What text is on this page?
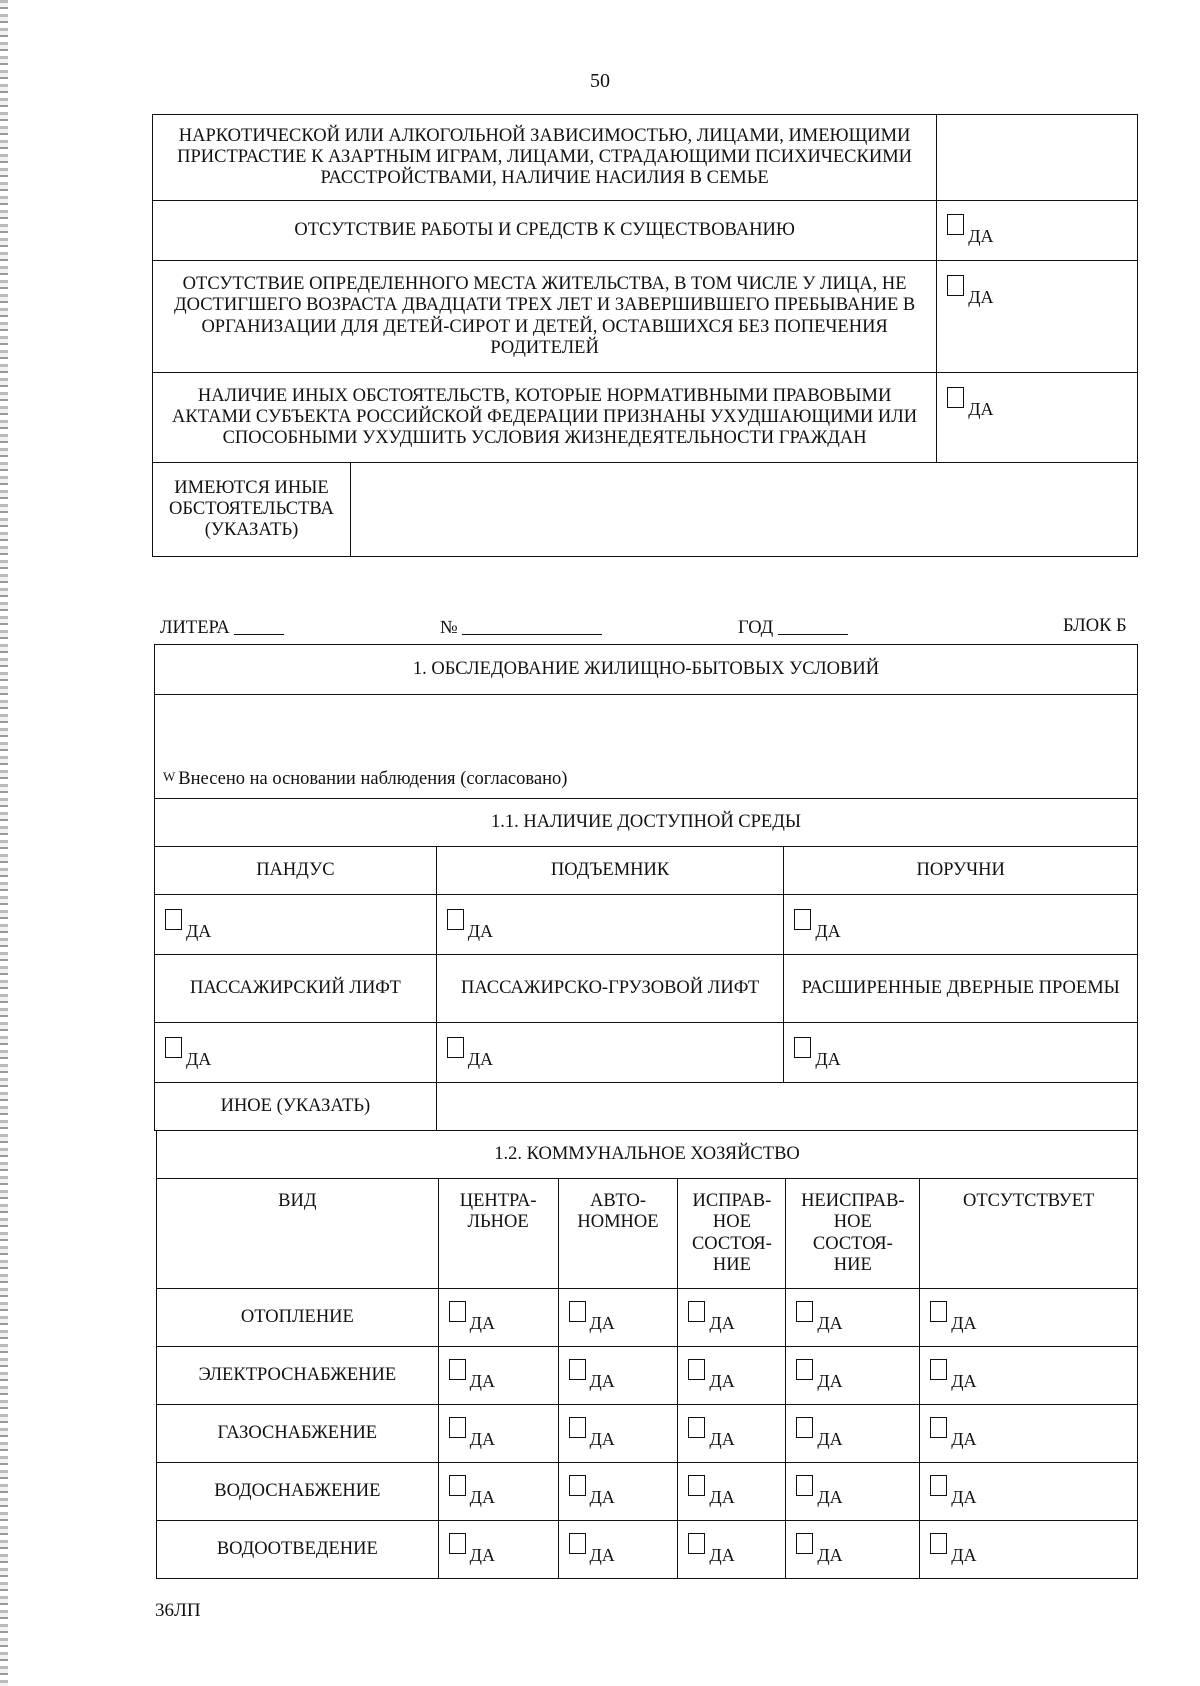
50
НАРКОТИЧЕСКОЙ ИЛИ АЛКОГОЛЬНОЙ ЗАВИСИМОСТЬЮ, ЛИЦАМИ, ИМЕЮЩИМИ ПРИСТРАСТИЕ К АЗАРТНЫМ ИГРАМ, ЛИЦАМИ, СТРАДАЮЩИМИ ПСИХИЧЕСКИМИ РАССТРОЙСТВАМИ, НАЛИЧИЕ НАСИЛИЯ В СЕМЬЕ		
ОТСУТСТВИЕ РАБОТЫ И СРЕДСТВ К СУЩЕСТВОВАНИЮ		ДА
ОТСУТСТВИЕ ОПРЕДЕЛЕННОГО МЕСТА ЖИТЕЛЬСТВА, В ТОМ ЧИСЛЕ У ЛИЦА, НЕ ДОСТИГШЕГО ВОЗРАСТА ДВАДЦАТИ ТРЕХ ЛЕТ И ЗАВЕРШИВШЕГО ПРЕБЫВАНИЕ В ОРГАНИЗАЦИИ ДЛЯ ДЕТЕЙ-СИРОТ И ДЕТЕЙ, ОСТАВШИХСЯ БЕЗ ПОПЕЧЕНИЯ РОДИТЕЛЕЙ		ДА
НАЛИЧИЕ ИНЫХ ОБСТОЯТЕЛЬСТВ, КОТОРЫЕ НОРМАТИВНЫМИ ПРАВОВЫМИ АКТАМИ СУБЪЕКТА РОССИЙСКОЙ ФЕДЕРАЦИИ ПРИЗНАНЫ УХУДШАЮЩИМИ ИЛИ СПОСОБНЫМИ УХУДШИТЬ УСЛОВИЯ ЖИЗНЕДЕЯТЕЛЬНОСТИ ГРАЖДАН		ДА
ИМЕЮТСЯ ИНЫЕ ОБСТОЯТЕЛЬСТВА (УКАЗАТЬ)		
ЛИТЕРА	№	ГОД	БЛОК Б
1. ОБСЛЕДОВАНИЕ ЖИЛИЩНО-БЫТОВЫХ УСЛОВИЙ		
W Внесено на основании наблюдения (согласовано)		
1.1. НАЛИЧИЕ ДОСТУПНОЙ СРЕДЫ		
ПАНДУС	ПОДЪЕМНИК	ПОРУЧНИ
ДА	ДА	ДА
ПАССАЖИРСКИЙ ЛИФТ	ПАССАЖИРСКО-ГРУЗОВОЙ ЛИФТ	РАСШИРЕННЫЕ ДВЕРНЫЕ ПРОЕМЫ
ДА	ДА	ДА
ИНОЕ (УКАЗАТЬ)		
1.2. КОММУНАЛЬНОЕ ХОЗЯЙСТВО					
ВИД	ЦЕНТРА-ЛЬНОЕ	АВТО-НОМНОЕ	ИСПРАВ-НОЕ СОСТОЯ-НИЕ	НЕИСПРАВ-НОЕ СОСТОЯ-НИЕ	ОТСУТСТВУЕТ
ОТОПЛЕНИЕ	ДА	ДА	ДА	ДА	ДА
ЭЛЕКТРОСНАБЖЕНИЕ	ДА	ДА	ДА	ДА	ДА
ГАЗОСНАБЖЕНИЕ	ДА	ДА	ДА	ДА	ДА
ВОДОСНАБЖЕНИЕ	ДА	ДА	ДА	ДА	ДА
ВОДООТВЕДЕНИЕ	ДА	ДА	ДА	ДА	ДА
36ЛП
